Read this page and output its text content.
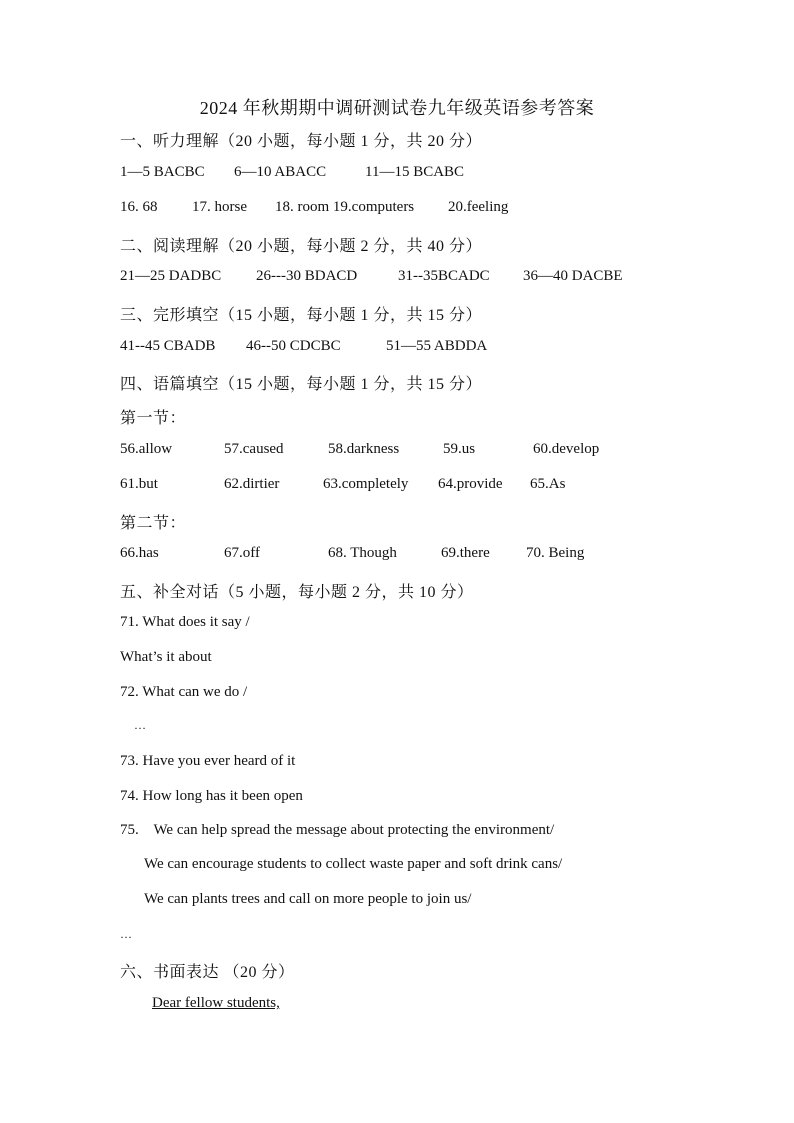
2024 年秋期期中调研测试卷九年级英语参考答案
一、听力理解（20 小题，每小题 1 分，共 20 分）
1—5 BACBC 6—10 ABACC	11—15 BCABC
16. 68 17. horse 18. room 19.computers 20.feeling
二、阅读理解（20 小题，每小题 2 分，共 40 分）
21—25 DADBC 26---30 BDACD	31--35BCADC 36—40 DACBE
三、完形填空（15 小题，每小题 1 分，共 15 分）
41--45 CBADB 46--50 CDCBC	51—55 ABDDA
四、语篇填空（15 小题，每小题 1 分，共 15 分）
第一节：
56.allow	57.caused	58.darkness	59.us	60.develop
61.but	62.dirtier	63.completely 64.provide 65.As
第二节：
66.has	67.off	68. Though	69.there 70. Being
五、补全对话（5 小题，每小题 2 分，共 10 分）
71. What does it say /
What’s it about
72. What can we do /
…
73. Have you ever heard of it
74. How long has it been open
75.    We can help spread the message about protecting the environment/
We can encourage students to collect waste paper and soft drink cans/
We can plants trees and call on more people to join us/
…
六、书面表达 （20 分）
Dear fellow students,
